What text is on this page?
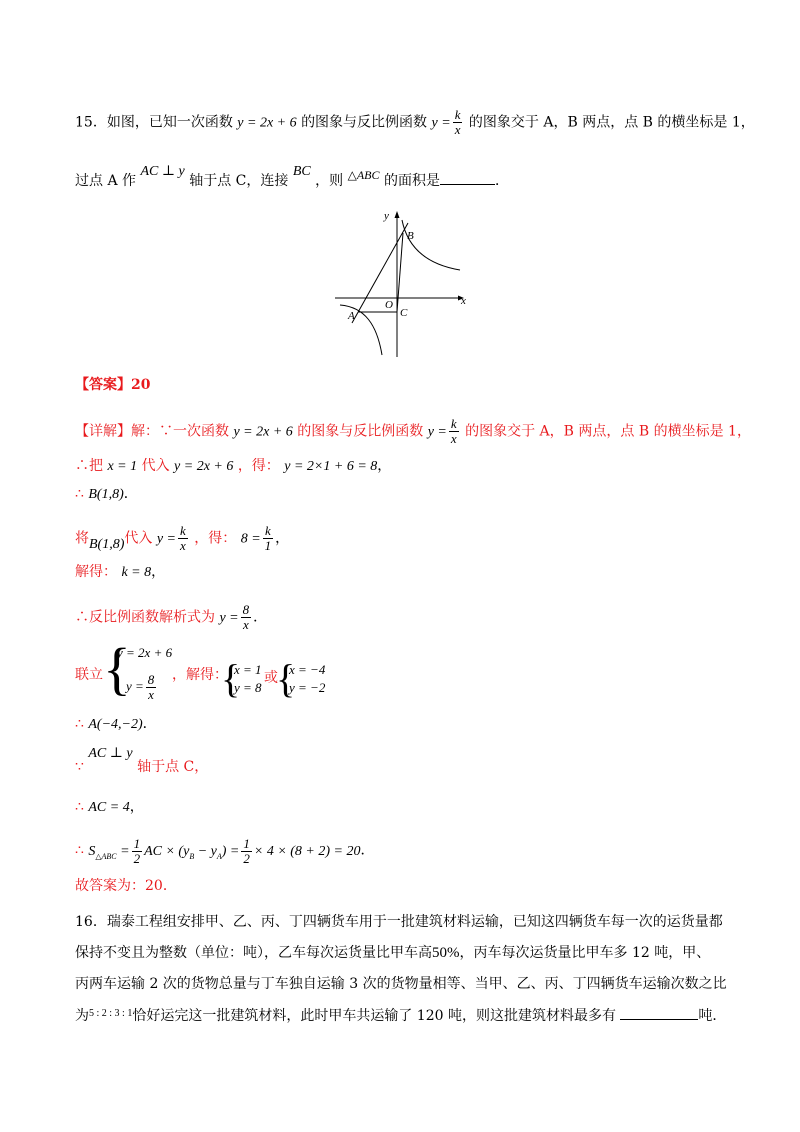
15．如图，已知一次函数 y = 2x + 6 的图象与反比例函数 $y = \frac{k}{x}$ 的图象交于 A，B 两点，点 B 的横坐标是 1，
过点 A 作 AC ⊥ y 轴于点 C，连接 BC ，则 △ABC 的面积是	．
y
x
O
A
B
C
【答案】20
【详解】解：∵一次函数 y = 2x + 6 的图象与反比例函数 $y = \frac{k}{x}$ 的图象交于 A，B 两点，点 B 的横坐标是 1，
∴把 x = 1 代入 y = 2x + 6 ，得： y = 2×1 + 6 = 8，
∴ B(1,8)．
将B(1,8)代入 $y = \frac{k}{x}$ ，得： $8 = \frac{k}{1}$ ，
解得： k = 8，
∴反比例函数解析式为 $y = \frac{8}{x}$ ．
联立 {
y = 2x + 6
$y = \frac{8}{x}$ ，解得：
{
x = 1
y = 8
或
{
x = −4
y = −2
∴ A(−4,−2)．
∵ AC ⊥ y 轴于点 C，
∴ AC = 4，
∴ $S_{\triangle ABC} = \frac{1}{2}$ AC × $(y_B - y_A) = \frac{1}{2} \times 4 \times (8 + 2) = 20$．
故答案为：20．
16．瑞泰工程组安排甲、乙、丙、丁四辆货车用于一批建筑材料运输，已知这四辆货车每一次的运货量都
保持不变且为整数（单位：吨），乙车每次运货量比甲车高50%，丙车每次运货量比甲车多 12 吨，甲、
丙两车运输 2 次的货物总量与丁车独自运输 3 次的货物量相等、当甲、乙、丙、丁四辆货车运输次数之比
为$^{5 : 2 : 3 : 1}$恰好运完这一批建筑材料，此时甲车共运输了 120 吨，则这批建筑材料最多有	吨．
